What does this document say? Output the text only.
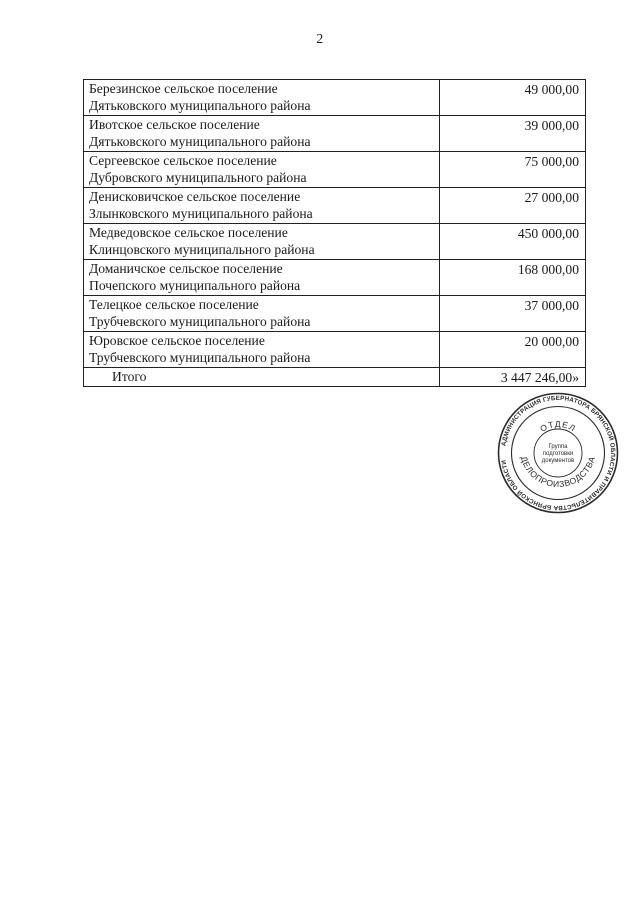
2
Березинское сельское поселение
Дятьковского муниципального района	49 000,00

Ивотское сельское поселение
Дятьковского муниципального района	39 000,00

Сергеевское сельское поселение
Дубровского муниципального района	75 000,00

Денисковичское сельское поселение
Злынковского муниципального района	27 000,00

Медведовское сельское поселение
Клинцовского муниципального района	450 000,00

Доманичское сельское поселение
Почепского муниципального района	168 000,00

Телецкое сельское поселение
Трубчевского муниципального района	37 000,00

Юровское сельское поселение
Трубчевского муниципального района	20 000,00
Итого	3 447 246,00»
АДМИНИСТРАЦИЯ ГУБЕРНАТОРА БРЯНСКОЙ ОБЛАСТИ И ПРАВИТЕЛЬСТВА БРЯНСКОЙ ОБЛАСТИ
ОТДЕЛ
ДЕЛОПРОИЗВОДСТВА
Группа
подготовки
документов
